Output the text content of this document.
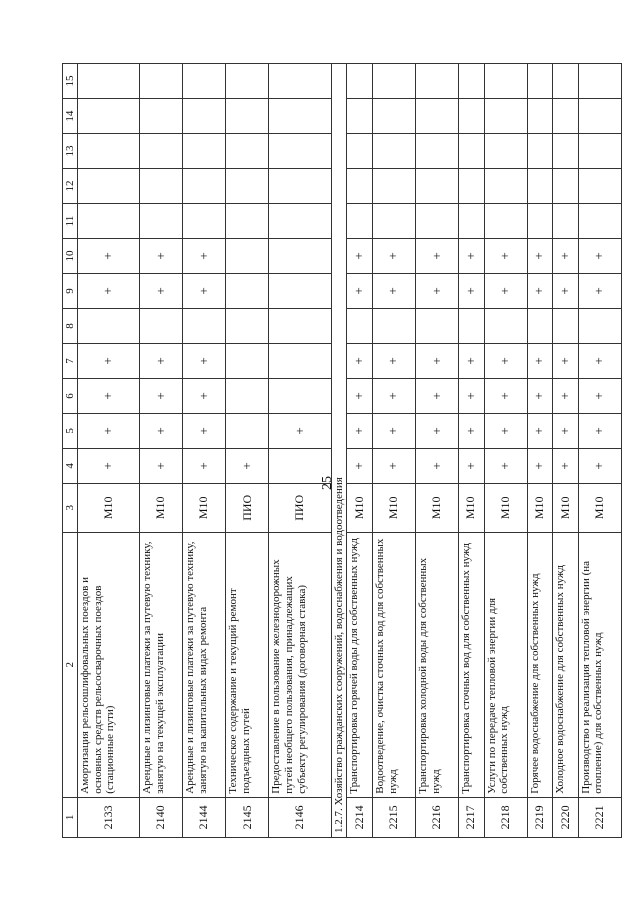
25
1	2	3	4	5	6	7	8	9	10	11	12	13	14	15
2133	Амортизация рельсошлифовальных поездов и основных средств рельсосварочных поездов (стационные пути)	М10	+	+	+	+		+	+					
2140	Арендные и лизинговые платежи за путевую технику, занятую на текущей эксплуатации	М10	+	+	+	+		+	+					
2144	Арендные и лизинговые платежи за путевую технику, занятую на капитальных видах ремонта	М10	+	+	+	+		+	+					
2145	Техническое содержание и текущий ремонт подъездных путей	ПИО	+											
2146	Предоставление в пользование железнодорожных путей необщего пользования, принадлежащих субъекту регулирования (договорная ставка)	ПИО		+										
1.2.7. Хозяйство гражданских сооружений, водоснабжения и водоотведения														
2214	Транспортировка горячей воды для собственных нужд	М10	+	+	+	+		+	+					
2215	Водоотведение, очистка сточных вод для собственных нужд	М10	+	+	+	+		+	+					
2216	Транспортировка холодной воды для собственных нужд	М10	+	+	+	+		+	+					
2217	Транспортировка сточных вод для собственных нужд	М10	+	+	+	+		+	+					
2218	Услуги по передаче тепловой энергии для собственных нужд	М10	+	+	+	+		+	+					
2219	Горячее водоснабжение для собственных нужд	М10	+	+	+	+		+	+					
2220	Холодное водоснабжение для собственных нужд	М10	+	+	+	+		+	+					
2221	Производство и реализация тепловой энергии (на отопление) для собственных нужд	М10	+	+	+	+		+	+					
